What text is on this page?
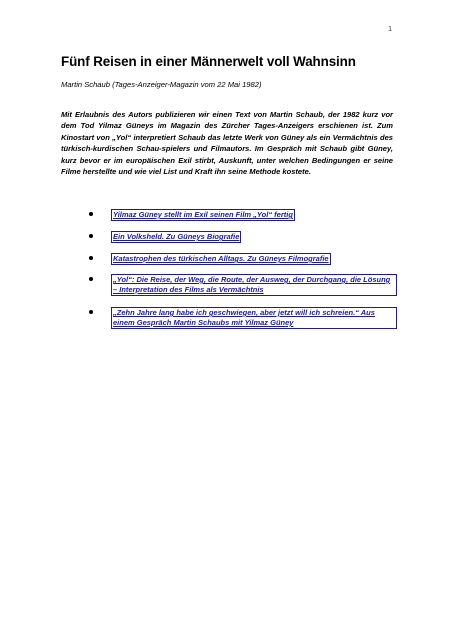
1
Fünf Reisen in einer Männerwelt voll Wahnsinn

Martin Schaub (Tages-Anzeiger-Magazin vom 22 Mai 1982)

Mit Erlaubnis des Autors publizieren wir einen Text von Martin Schaub, der 1982 kurz vor dem Tod Yilmaz Güneys im Magazin des Zürcher Tages-Anzeigers erschienen ist. Zum Kinostart von „Yol“ interpretiert Schaub das letzte Werk von Güney als ein Vermächtnis des türkisch-kurdischen Schau-spielers und Filmautors. Im Gespräch mit Schaub gibt Güney, kurz bevor er im europäischen Exil stirbt, Auskunft, unter welchen Bedingungen er seine Filme herstellte und wie viel List und Kraft ihn seine Methode kostete.

Yilmaz Güney stellt im Exil seinen Film „Yol“ fertig
Ein Volksheld. Zu Güneys Biografie
Katastrophen des türkischen Alltags. Zu Güneys Filmografie
„Yol“: Die Reise, der Weg, die Route, der Ausweg, der Durchgang, die Lösung – Interpretation des Films als Vermächtnis
„Zehn Jahre lang habe ich geschwiegen, aber jetzt will ich schreien.“ Aus einem Gespräch Martin Schaubs mit Yilmaz Güney
